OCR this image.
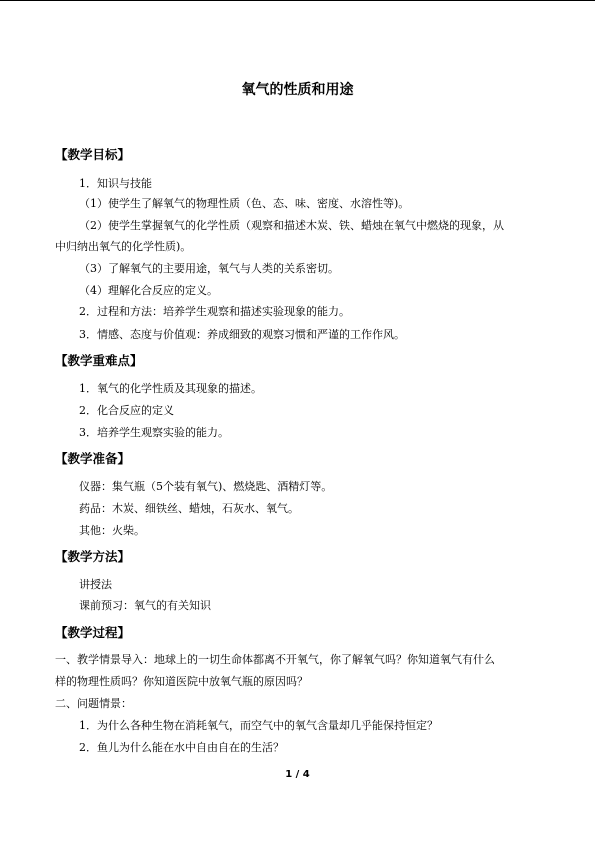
氧气的性质和用途
【教学目标】
1．知识与技能
（1）使学生了解氧气的物理性质（色、态、味、密度、水溶性等)。
（2）使学生掌握氧气的化学性质（观察和描述木炭、铁、蜡烛在氧气中燃烧的现象，从
中归纳出氧气的化学性质)。
（3）了解氧气的主要用途，氧气与人类的关系密切。
（4）理解化合反应的定义。
2．过程和方法：培养学生观察和描述实验现象的能力。
3．情感、态度与价值观：养成细致的观察习惯和严谨的工作作风。
【教学重难点】
1．氧气的化学性质及其现象的描述。
2．化合反应的定义
3．培养学生观察实验的能力。
【教学准备】
仪器：集气瓶（5个装有氧气)、燃烧匙、酒精灯等。
药品：木炭、细铁丝、蜡烛，石灰水、氧气。
其他：火柴。
【教学方法】
讲授法
课前预习：氧气的有关知识
【教学过程】
一、教学情景导入：地球上的一切生命体都离不开氧气，你了解氧气吗？你知道氧气有什么
样的物理性质吗？你知道医院中放氧气瓶的原因吗？
二、问题情景：
1．为什么各种生物在消耗氧气，而空气中的氧气含量却几乎能保持恒定？
2．鱼儿为什么能在水中自由自在的生活？
1 / 4
